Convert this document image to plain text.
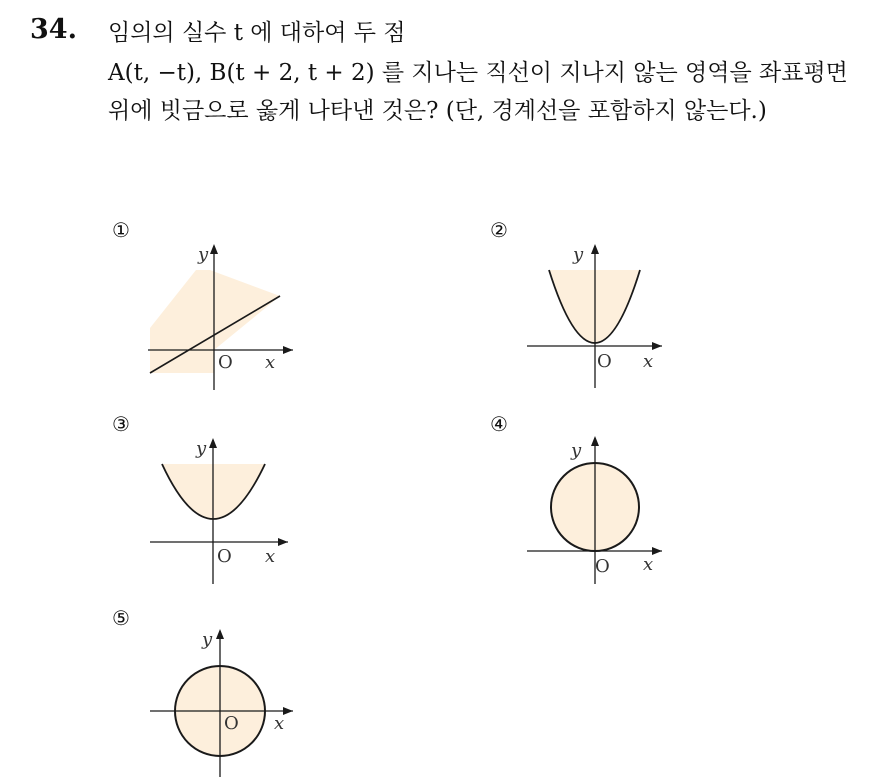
34. 임의의 실수 t 에 대하여 두 점
A(t, −t), B(t + 2, t + 2) 를 지나는 직선이 지나지 않는 영역을 좌표평면
위에 빗금으로 옳게 나타낸 것은? (단, 경계선을 포함하지 않는다.)
①
y
O x
②
y
O x
③
y
O x
④
y
O x
⑤
y
O x
